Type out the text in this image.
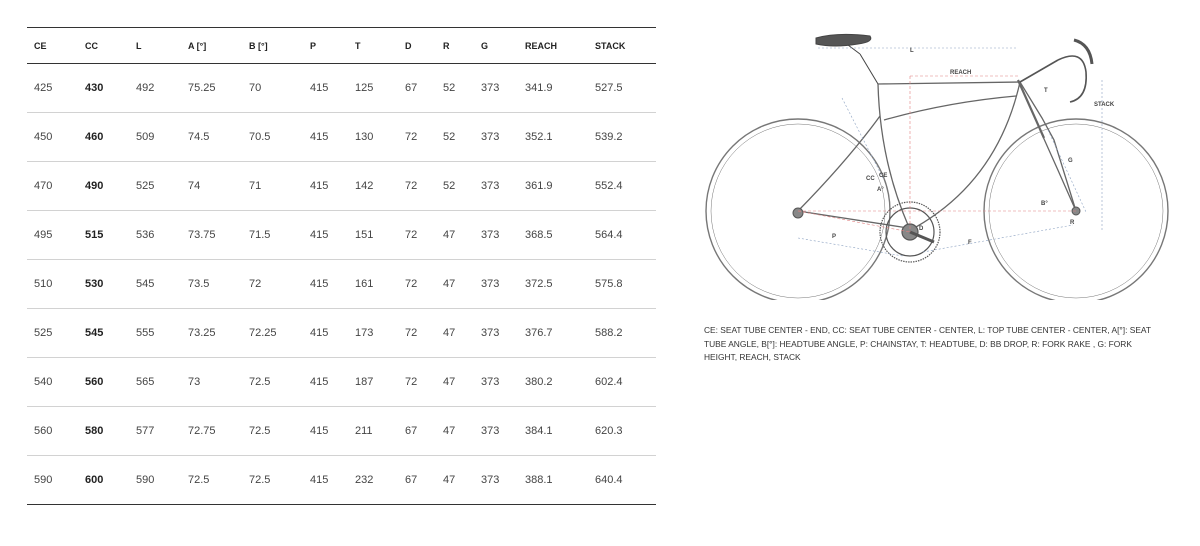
CE	CC	L	A [°]	B [°]	P	T	D	R	G	REACH	STACK
425	430	492	75.25	70	415	125	67	52	373	341.9	527.5
450	460	509	74.5	70.5	415	130	72	52	373	352.1	539.2
470	490	525	74	71	415	142	72	52	373	361.9	552.4
495	515	536	73.75	71.5	415	151	72	47	373	368.5	564.4
510	530	545	73.5	72	415	161	72	47	373	372.5	575.8
525	545	555	73.25	72.25	415	173	72	47	373	376.7	588.2
540	560	565	73	72.5	415	187	72	47	373	380.2	602.4
560	580	577	72.75	72.5	415	211	67	47	373	384.1	620.3
590	600	590	72.5	72.5	415	232	67	47	373	388.1	640.4
L
REACH
STACK
T
G
CC CE
A°
B°
D
R
P
F

CE: SEAT TUBE CENTER - END, CC: SEAT TUBE CENTER - CENTER, L: TOP TUBE CENTER - CENTER, A[°]: SEAT TUBE ANGLE, B[°]: HEADTUBE ANGLE, P: CHAINSTAY, T: HEADTUBE, D: BB DROP, R: FORK RAKE , G: FORK HEIGHT, REACH, STACK
